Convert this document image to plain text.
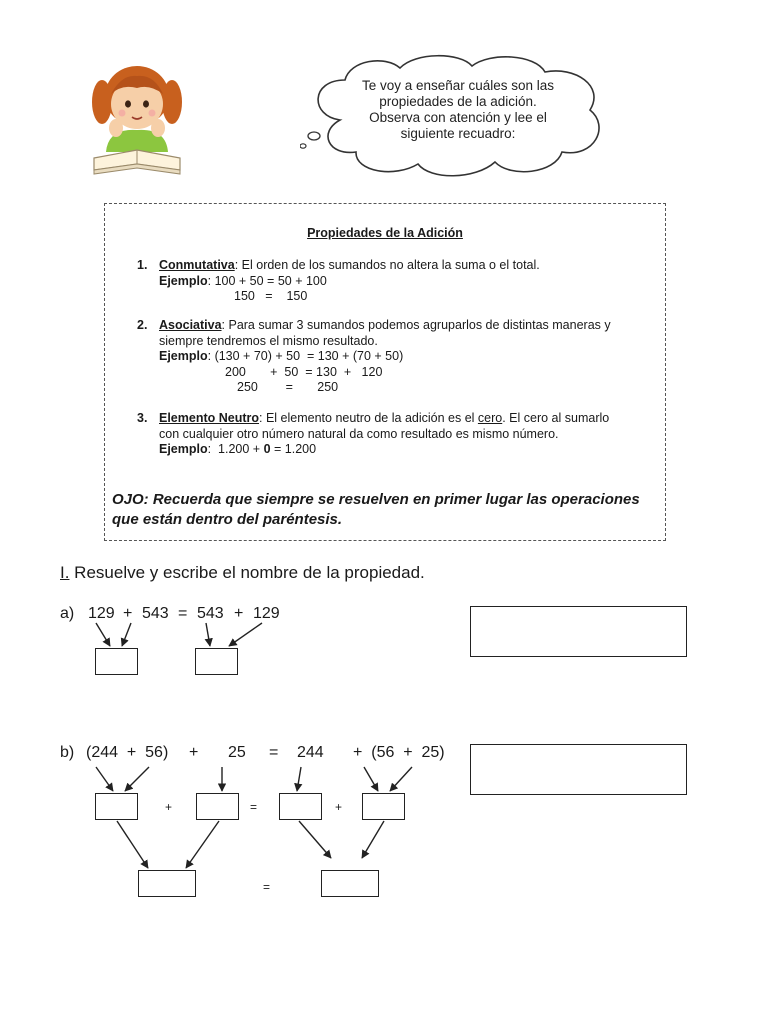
Te voy a enseñar cuáles son las
propiedades de la adición.
Observa con atención y lee el
siguiente recuadro:
Propiedades de la Adición
1. Conmutativa: El orden de los sumandos no altera la suma o el total.
Ejemplo: 100 + 50 = 50 + 100
150   =    150
2. Asociativa: Para sumar 3 sumandos podemos agruparlos de distintas maneras y
siempre tendremos el mismo resultado.
Ejemplo: (130 + 70) + 50  = 130 + (70 + 50)
200       +  50  = 130  +   120
250        =       250
3. Elemento Neutro: El elemento neutro de la adición es el cero. El cero al sumarlo
con cualquier otro número natural da como resultado es mismo número.
Ejemplo:  1.200 + 0 = 1.200
OJO: Recuerda que siempre se resuelven en primer lugar las operaciones
que están dentro del paréntesis.
I. Resuelve y escribe el nombre de la propiedad.
a) 129 + 543 = 543 + 129
b) (244  +  56) + 25 = 244 +  (56  +  25)
+	=	+
=
